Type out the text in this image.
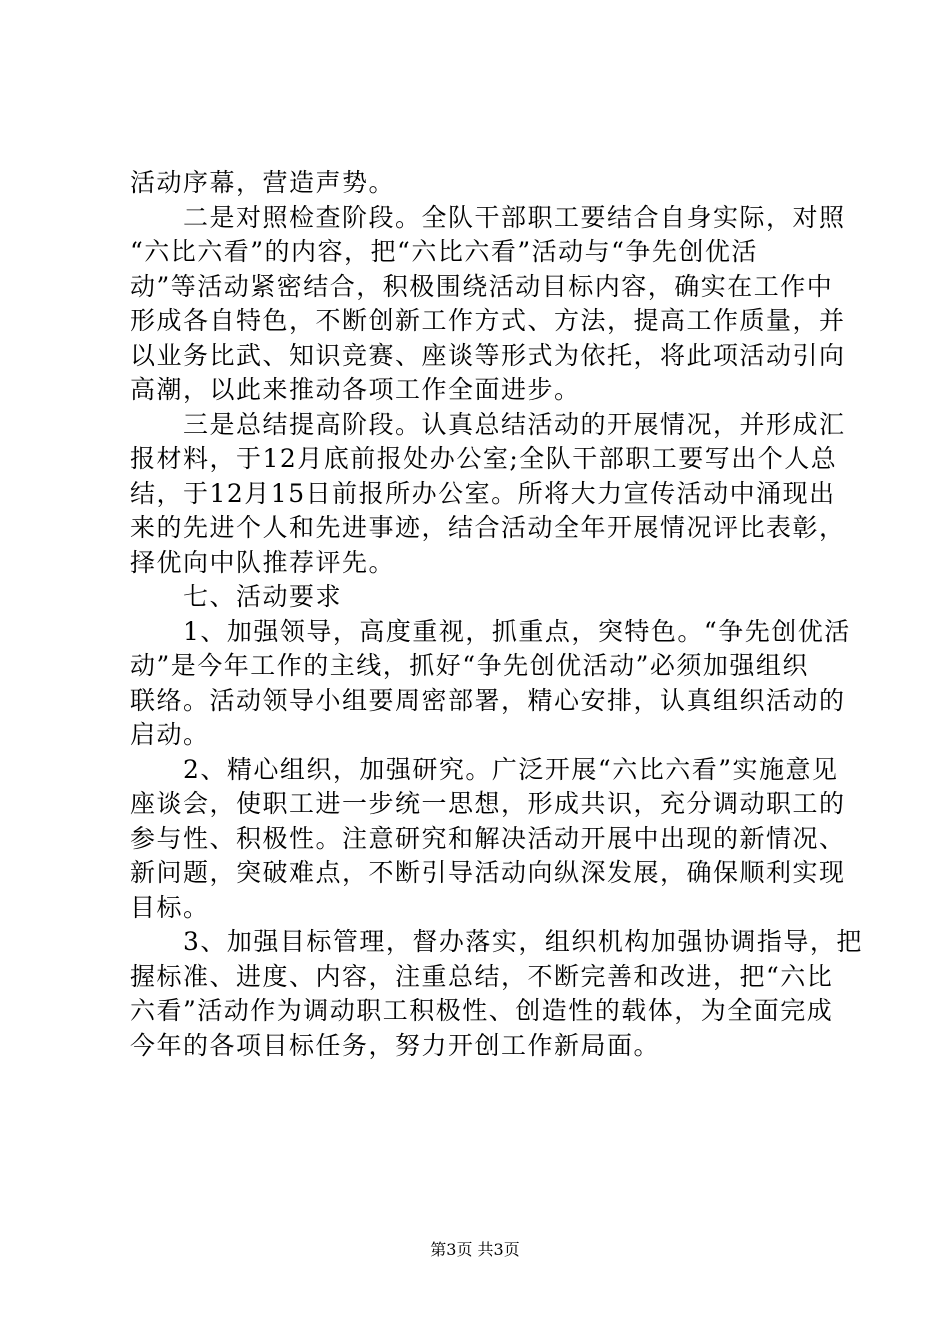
活动序幕，营造声势。
　　二是对照检查阶段。全队干部职工要结合自身实际，对照
“六比六看”的内容，把“六比六看”活动与“争先创优活
动”等活动紧密结合，积极围绕活动目标内容，确实在工作中
形成各自特色，不断创新工作方式、方法，提高工作质量，并
以业务比武、知识竞赛、座谈等形式为依托，将此项活动引向
高潮，以此来推动各项工作全面进步。
　　三是总结提高阶段。认真总结活动的开展情况，并形成汇
报材料，于12月底前报处办公室;全队干部职工要写出个人总
结，于12月15日前报所办公室。所将大力宣传活动中涌现出
来的先进个人和先进事迹，结合活动全年开展情况评比表彰，
择优向中队推荐评先。
　　七、活动要求
　　1、加强领导，高度重视，抓重点，突特色。“争先创优活
动”是今年工作的主线，抓好“争先创优活动”必须加强组织
联络。活动领导小组要周密部署，精心安排，认真组织活动的
启动。
　　2、精心组织，加强研究。广泛开展“六比六看”实施意见
座谈会，使职工进一步统一思想，形成共识，充分调动职工的
参与性、积极性。注意研究和解决活动开展中出现的新情况、
新问题，突破难点，不断引导活动向纵深发展，确保顺利实现
目标。
　　3、加强目标管理，督办落实，组织机构加强协调指导，把
握标准、进度、内容，注重总结，不断完善和改进，把“六比
六看”活动作为调动职工积极性、创造性的载体，为全面完成
今年的各项目标任务，努力开创工作新局面。
第3页 共3页
